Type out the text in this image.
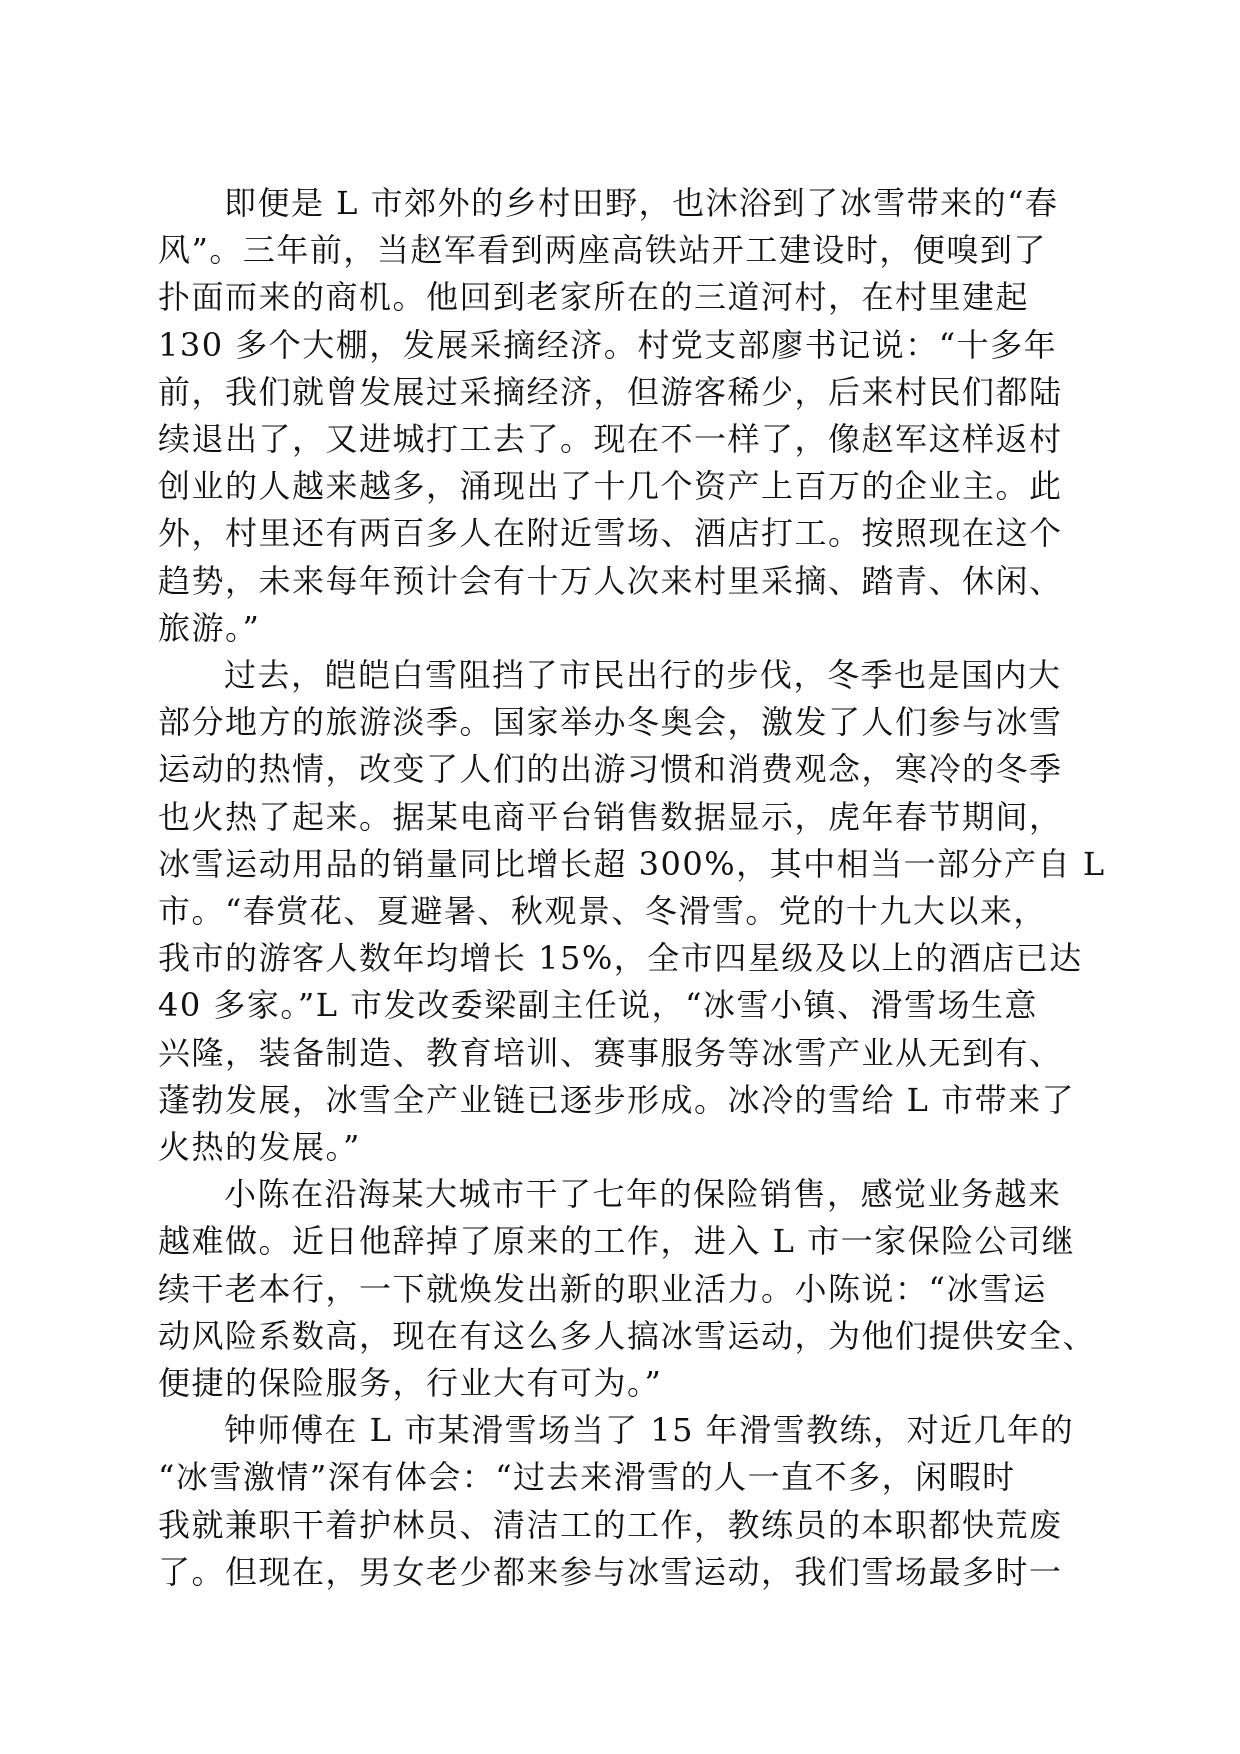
即便是 L 市郊外的乡村田野，也沐浴到了冰雪带来的“春
风”。三年前，当赵军看到两座高铁站开工建设时，便嗅到了
扑面而来的商机。他回到老家所在的三道河村，在村里建起
130 多个大棚，发展采摘经济。村党支部廖书记说：“十多年
前，我们就曾发展过采摘经济，但游客稀少，后来村民们都陆
续退出了，又进城打工去了。现在不一样了，像赵军这样返村
创业的人越来越多，涌现出了十几个资产上百万的企业主。此
外，村里还有两百多人在附近雪场、酒店打工。按照现在这个
趋势，未来每年预计会有十万人次来村里采摘、踏青、休闲、
旅游。”
过去，皑皑白雪阻挡了市民出行的步伐，冬季也是国内大
部分地方的旅游淡季。国家举办冬奥会，激发了人们参与冰雪
运动的热情，改变了人们的出游习惯和消费观念，寒冷的冬季
也火热了起来。据某电商平台销售数据显示，虎年春节期间，
冰雪运动用品的销量同比增长超 300%，其中相当一部分产自 L
市。“春赏花、夏避暑、秋观景、冬滑雪。党的十九大以来，
我市的游客人数年均增长 15%，全市四星级及以上的酒店已达
40 多家。”L 市发改委梁副主任说，“冰雪小镇、滑雪场生意
兴隆，装备制造、教育培训、赛事服务等冰雪产业从无到有、
蓬勃发展，冰雪全产业链已逐步形成。冰冷的雪给 L 市带来了
火热的发展。”
小陈在沿海某大城市干了七年的保险销售，感觉业务越来
越难做。近日他辞掉了原来的工作，进入 L 市一家保险公司继
续干老本行，一下就焕发出新的职业活力。小陈说：“冰雪运
动风险系数高，现在有这么多人搞冰雪运动，为他们提供安全、
便捷的保险服务，行业大有可为。”
钟师傅在 L 市某滑雪场当了 15 年滑雪教练，对近几年的
“冰雪激情”深有体会：“过去来滑雪的人一直不多，闲暇时
我就兼职干着护林员、清洁工的工作，教练员的本职都快荒废
了。但现在，男女老少都来参与冰雪运动，我们雪场最多时一
